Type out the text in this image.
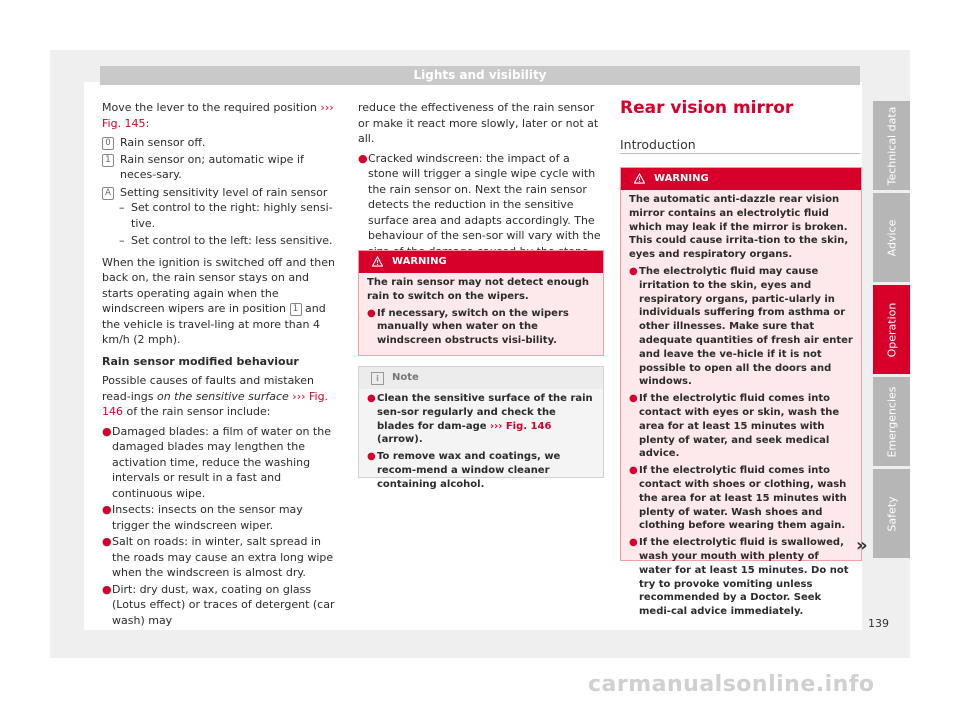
Lights and visibility

Move the lever to the required position ››› Fig. 145:

0 Rain sensor off.

1 Rain sensor on; automatic wipe if neces-sary.

A Setting sensitivity level of rain sensor

– Set control to the right: highly sensi-tive.

– Set control to the left: less sensitive.

When the ignition is switched off and then back on, the rain sensor stays on and starts operating again when the windscreen wipers are in position 1 and the vehicle is travel-ling at more than 4 km/h (2 mph).

Rain sensor modified behaviour

Possible causes of faults and mistaken read-ings on the sensitive surface ››› Fig. 146 of the rain sensor include:

● Damaged blades: a film of water on the damaged blades may lengthen the activation time, reduce the washing intervals or result in a fast and continuous wipe.

● Insects: insects on the sensor may trigger the windscreen wiper.

● Salt on roads: in winter, salt spread in the roads may cause an extra long wipe when the windscreen is almost dry.

● Dirt: dry dust, wax, coating on glass (Lotus effect) or traces of detergent (car wash) may

reduce the effectiveness of the rain sensor or make it react more slowly, later or not at all.

● Cracked windscreen: the impact of a stone will trigger a single wipe cycle with the rain sensor on. Next the rain sensor detects the reduction in the sensitive surface area and adapts accordingly. The behaviour of the sen-sor will vary with the

WARNING

The rain sensor may not detect enough rain to switch on the wipers.

● If necessary, switch on the wipers manually when water on the windscreen obstructs visi-bility.

i	Note

● Clean the sensitive surface of the rain sen-sor regularly and check the blades for dam-age ››› Fig. 146 (arrow).

● To remove wax and coatings, we recom-mend a window cleaner containing alcohol.

Rear vision mirror
Introduction
WARNING

The automatic anti-dazzle rear vision mirror contains an electrolytic fluid which may leak if the mirror is broken. This could cause irrita-tion to the skin, eyes and respiratory organs.

● The electrolytic fluid may cause irritation to the skin, eyes and respiratory organs, partic-ularly in individuals suffering from asthma or other illnesses. Make sure that adequate quantities of fresh air enter and leave the ve-hicle if it is not possible to open all the doors and windows.

● If the electrolytic fluid comes into contact with eyes or skin, wash the area for at least 15 minutes with plenty of water, and seek medical advice.

● If the electrolytic fluid comes into contact with shoes or clothing, wash the area for at least 15 minutes with plenty of water. Wash shoes and clothing before wearing them again.

● If the electrolytic fluid is swallowed, wash your mouth with plenty of water for at least 15 minutes. Do not try to provoke vomiting unless recommended by a Doctor. Seek medi-cal advice immediately.

»
Technical data
Advice
Operation
Emergencies
Safety
139
carmanualsonline.info
